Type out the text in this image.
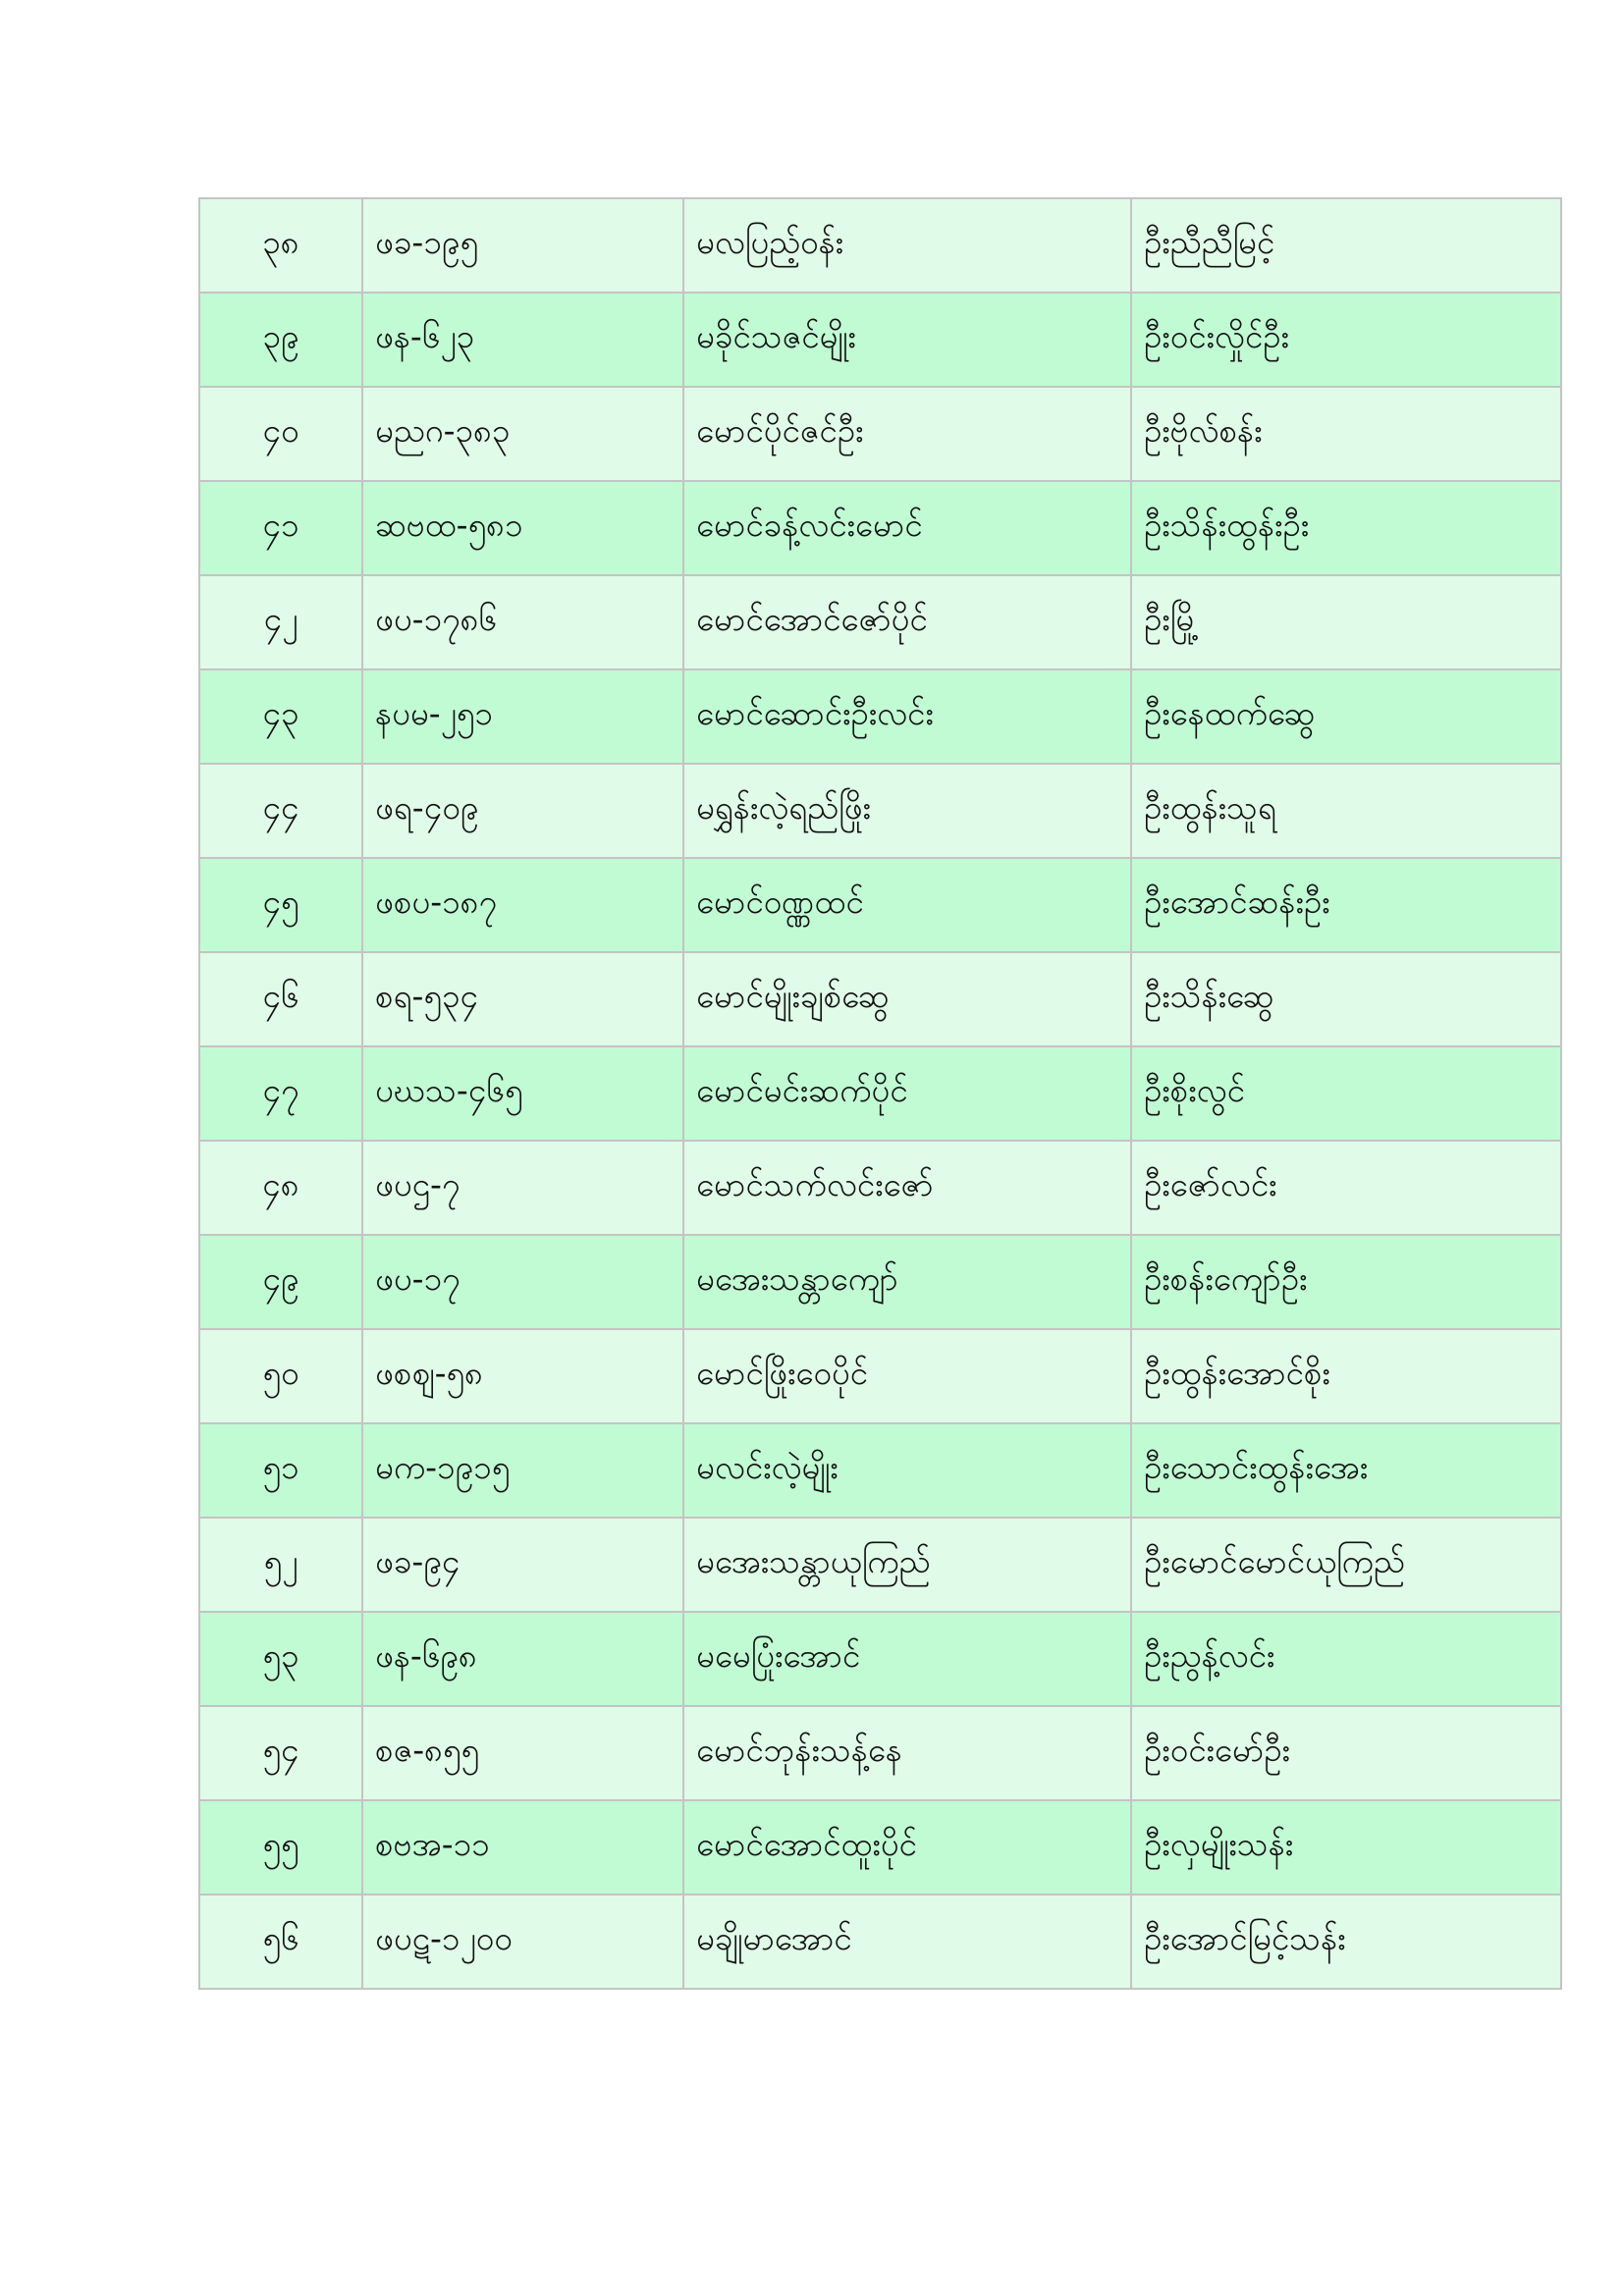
၃၈	ဖခ-၁၉၅	မလပြည့်ဝန်း	ဦးညီညီမြင့်
၃၉	ဖန-၆၂၃	မခိုင်သဇင်မျိုး	ဦးဝင်းလှိုင်ဦး
၄၀	မညဂ-၃၈၃	မောင်ပိုင်ဇင်ဦး	ဦးဗိုလ်စန်း
၄၁	ဆဗထ-၅၈၁	မောင်ခန့်လင်းမောင်	ဦးသိန်းထွန်းဦး
၄၂	ဖပ-၁၇၈၆	မောင်အောင်ဇော်ပိုင်	ဦးမြို့
၄၃	နပမ-၂၅၁	မောင်ဆောင်းဦးလင်း	ဦးနေထက်ဆွေ
၄၄	ဖရ-၄၀၉	မရွှန်းလဲ့ရည်ဖြိုး	ဦးထွန်းသူရ
၄၅	ဖစပ-၁၈၇	မောင်ဝဏ္ဏထင်	ဦးအောင်ဆန်းဦး
၄၆	စရ-၅၃၄	မောင်မျိုးချစ်ဆွေ	ဦးသိန်းဆွေ
၄၇	ပဃသ-၄၆၅	မောင်မင်းဆက်ပိုင်	ဦးစိုးလွင်
၄၈	ဖပဌ-၇	မောင်သက်လင်းဇော်	ဦးဇော်လင်း
၄၉	ဖပ-၁၇	မအေးသန္တာကျော်	ဦးစန်းကျော်ဦး
၅၀	ဖစဈ-၅၈	မောင်ဖြိုးဝေပိုင်	ဦးထွန်းအောင်စိုး
၅၁	မက-၁၉၁၅	မလင်းလဲ့မျိုး	ဦးသောင်းထွန်းအေး
၅၂	ဖခ-၉၄	မအေးသန္တာယုကြည်	ဦးမောင်မောင်ယုကြည်
၅၃	ဖန-၆၉၈	မမေပြုံးအောင်	ဦးညွန့်လင်း
၅၄	စဇ-၈၅၅	မောင်ဘုန်းသန့်နေ	ဦးဝင်းမော်ဦး
၅၅	စဗအ-၁၁	မောင်အောင်ထူးပိုင်	ဦးလှမျိုးသန်း
၅၆	ဖပဋ-၁၂၀၀	မချိုမာအောင်	ဦးအောင်မြင့်သန်း
